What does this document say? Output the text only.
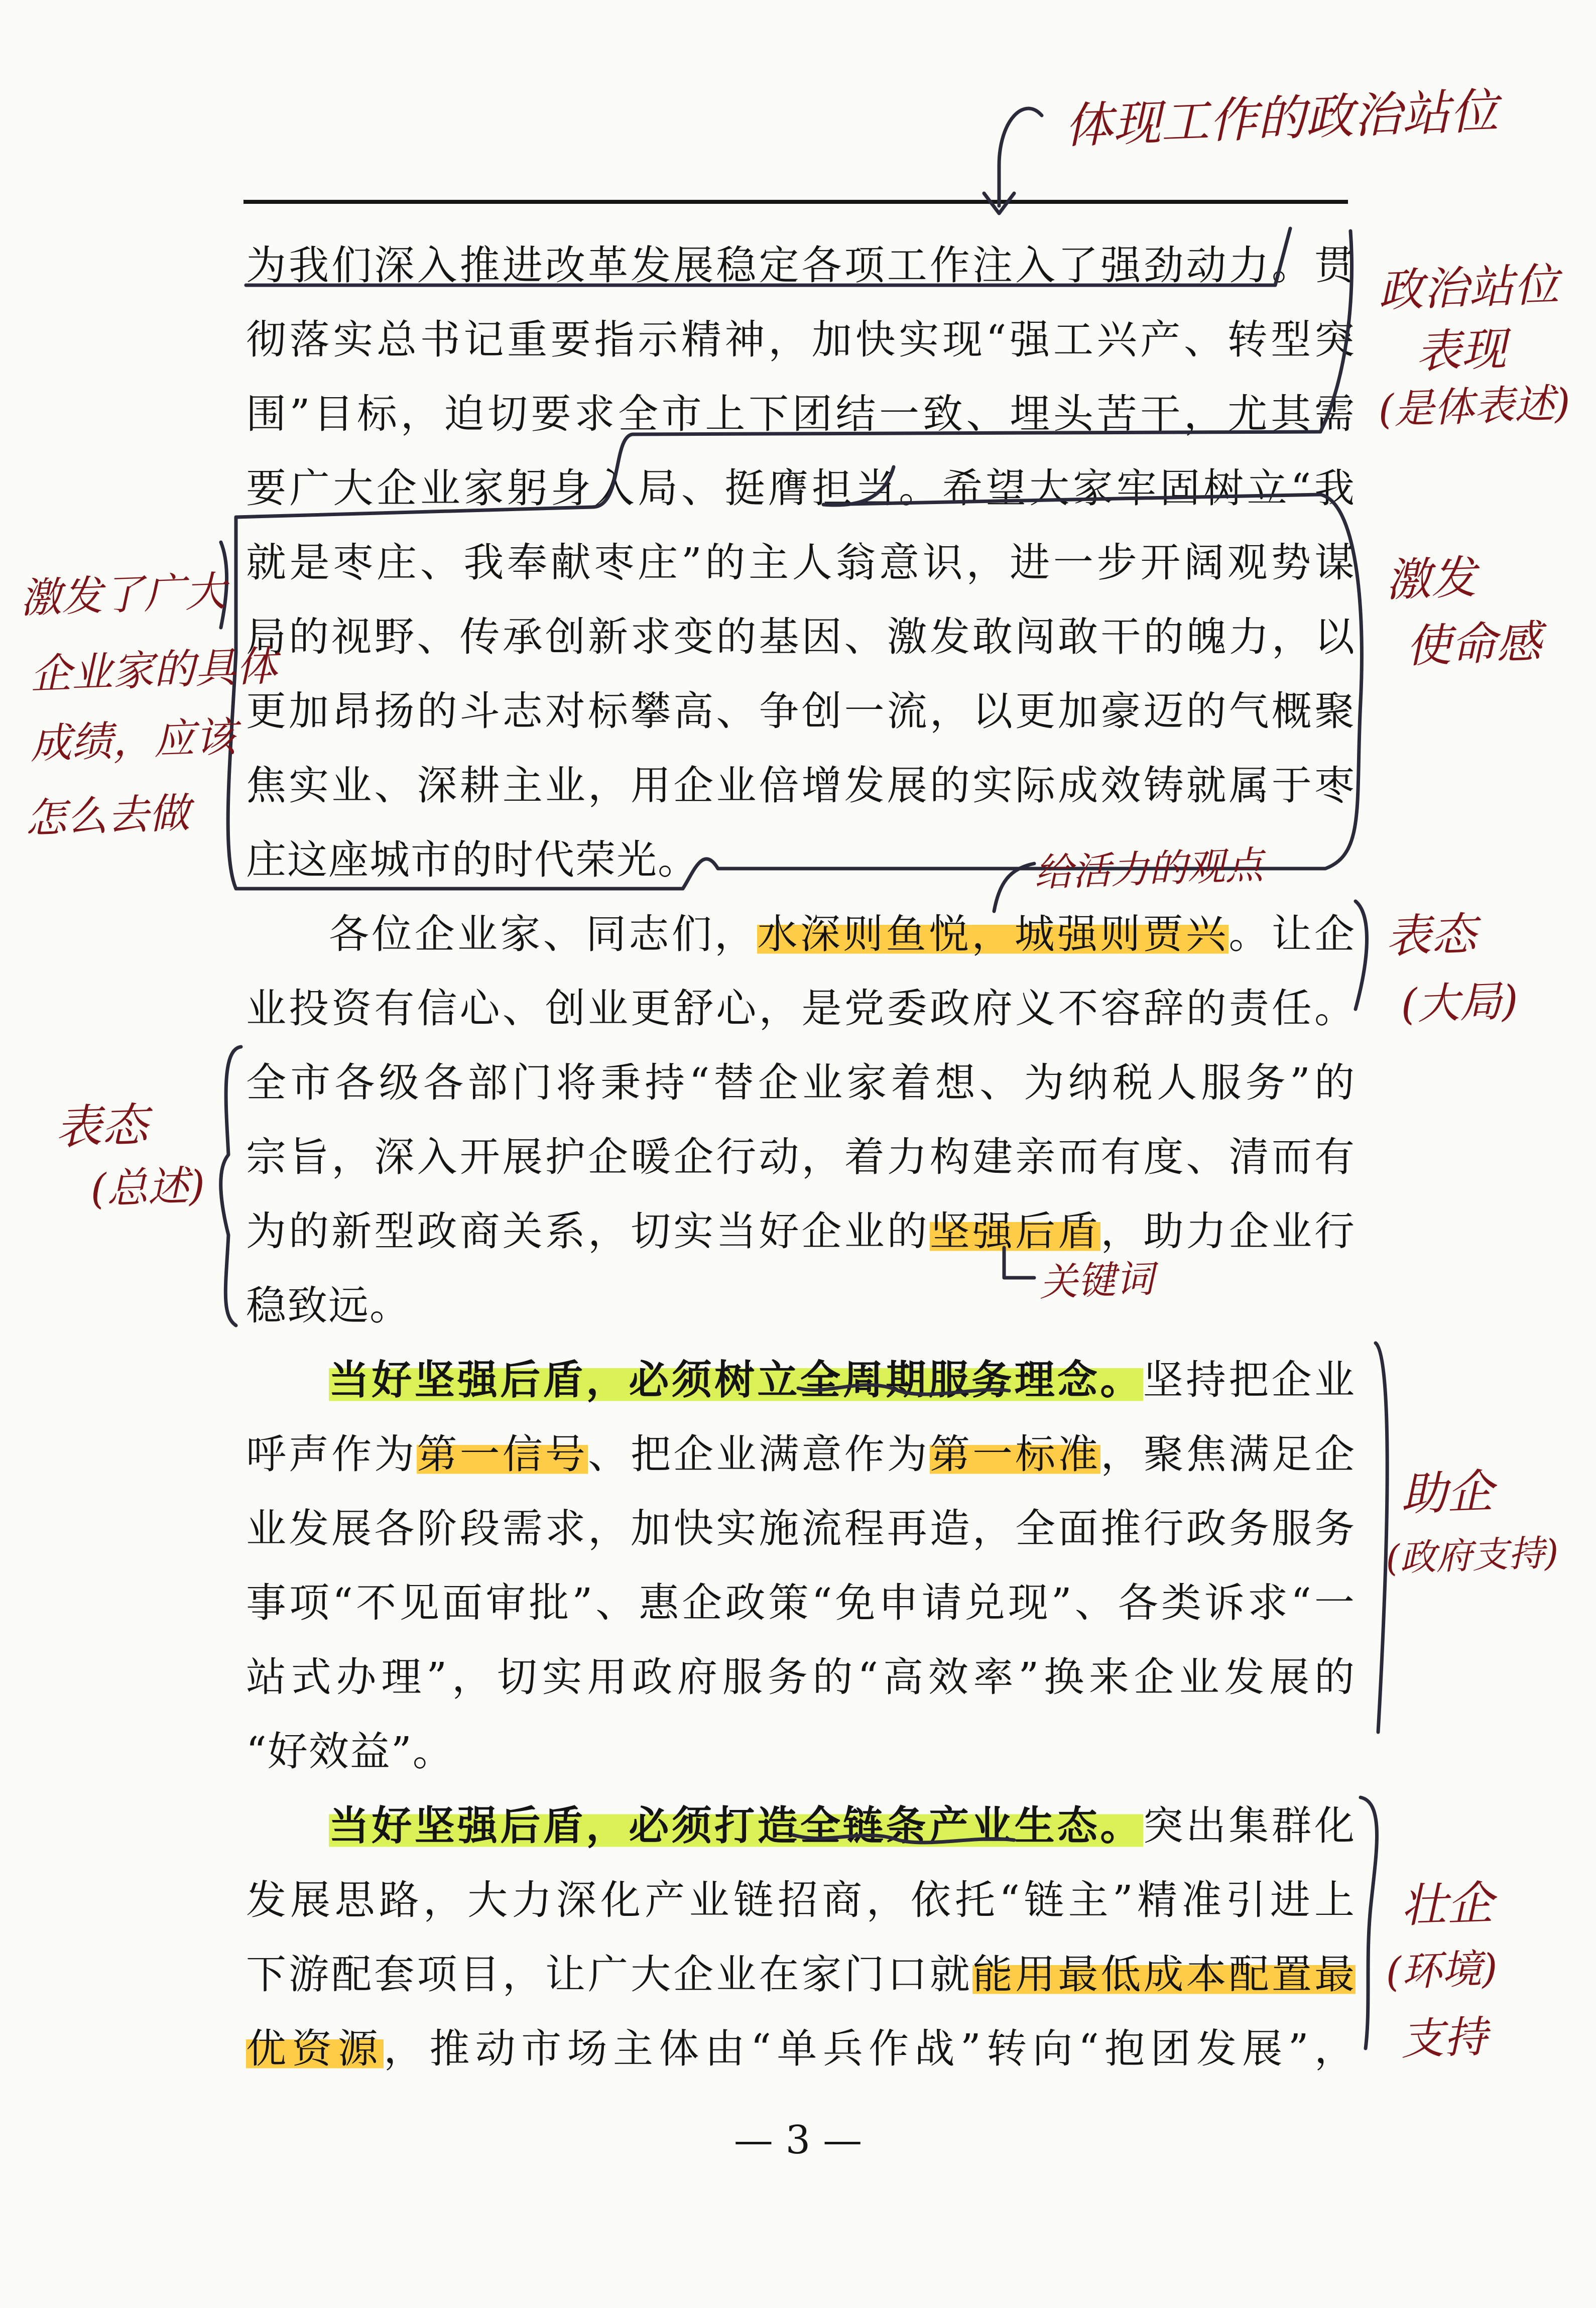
为我们深入推进改革发展稳定各项工作注入了强劲动力。贯
彻落实总书记重要指示精神，加快实现“强工兴产、转型突
围”目标，迫切要求全市上下团结一致、埋头苦干，尤其需
要广大企业家躬身入局、挺膺担当。希望大家牢固树立“我
就是枣庄、我奉献枣庄”的主人翁意识，进一步开阔观势谋
局的视野、传承创新求变的基因、激发敢闯敢干的魄力，以
更加昂扬的斗志对标攀高、争创一流，以更加豪迈的气概聚
焦实业、深耕主业，用企业倍增发展的实际成效铸就属于枣
庄这座城市的时代荣光。
各位企业家、同志们，水深则鱼悦，城强则贾兴。让企
业投资有信心、创业更舒心，是党委政府义不容辞的责任。
全市各级各部门将秉持“替企业家着想、为纳税人服务”的
宗旨，深入开展护企暖企行动，着力构建亲而有度、清而有
为的新型政商关系，切实当好企业的坚强后盾，助力企业行
稳致远。
当好坚强后盾，必须树立全周期服务理念。坚持把企业
呼声作为第一信号、把企业满意作为第一标准，聚焦满足企
业发展各阶段需求，加快实施流程再造，全面推行政务服务
事项“不见面审批”、惠企政策“免申请兑现”、各类诉求“一
站式办理”，切实用政府服务的“高效率”换来企业发展的
“好效益”。
当好坚强后盾，必须打造全链条产业生态。突出集群化
发展思路，大力深化产业链招商，依托“链主”精准引进上
下游配套项目，让广大企业在家门口就能用最低成本配置最
优资源，推动市场主体由“单兵作战”转向“抱团发展”，
体现工作的政治站位
政治站位
表现
(是体表述)
激发
使命感
激发了广大
企业家的具体
成绩，应该
怎么去做
给活力的观点
表态
(大局)
表态
(总述)
关键词
助企
(政府支持)
壮企
(环境)
支持
— 3 —
